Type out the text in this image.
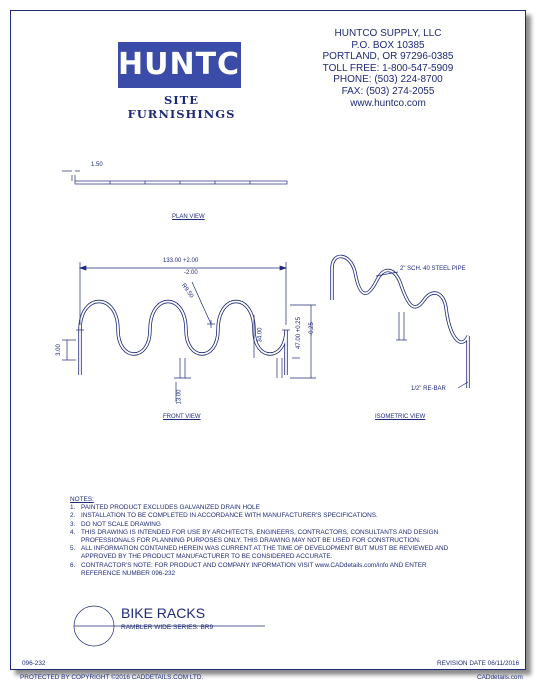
HUNTCO
SITE FURNISHINGS
HUNTCO SUPPLY, LLC
P.O. BOX 10385
PORTLAND, OR 97296-0385
TOLL FREE: 1-800-547-5909
PHONE: (503) 224-8700
FAX: (503) 274-2055
www.huntco.com
1.50
PLAN VIEW
133.00 +2.00
-2.00
R9.50
47.00 +0.25 -0.25
34.00
3.00
13.00
FRONT VIEW
2" SCH. 40 STEEL PIPE
1/2" RE-BAR
ISOMETRIC VIEW
NOTES:
1. PAINTED PRODUCT EXCLUDES GALVANIZED DRAIN HOLE
2. INSTALLATION TO BE COMPLETED IN ACCORDANCE WITH MANUFACTURER'S SPECIFICATIONS.
3. DO NOT SCALE DRAWING
4. THIS DRAWING IS INTENDED FOR USE BY ARCHITECTS, ENGINEERS, CONTRACTORS, CONSULTANTS AND DESIGN
PROFESSIONALS FOR PLANNING PURPOSES ONLY. THIS DRAWING MAY NOT BE USED FOR CONSTRUCTION.
5. ALL INFORMATION CONTAINED HEREIN WAS CURRENT AT THE TIME OF DEVELOPMENT BUT MUST BE REVIEWED AND
APPROVED BY THE PRODUCT MANUFACTURER TO BE CONSIDERED ACCURATE.
6. CONTRACTOR'S NOTE: FOR PRODUCT AND COMPANY INFORMATION VISIT www.CADdetails.com/info AND ENTER
REFERENCE NUMBER 096-232
BIKE RACKS
RAMBLER WIDE SERIES: BR9
096-232	REVISION DATE 06/11/2016
PROTECTED BY COPYRIGHT ©2016 CADDETAILS.COM LTD.	CADdetails.com
